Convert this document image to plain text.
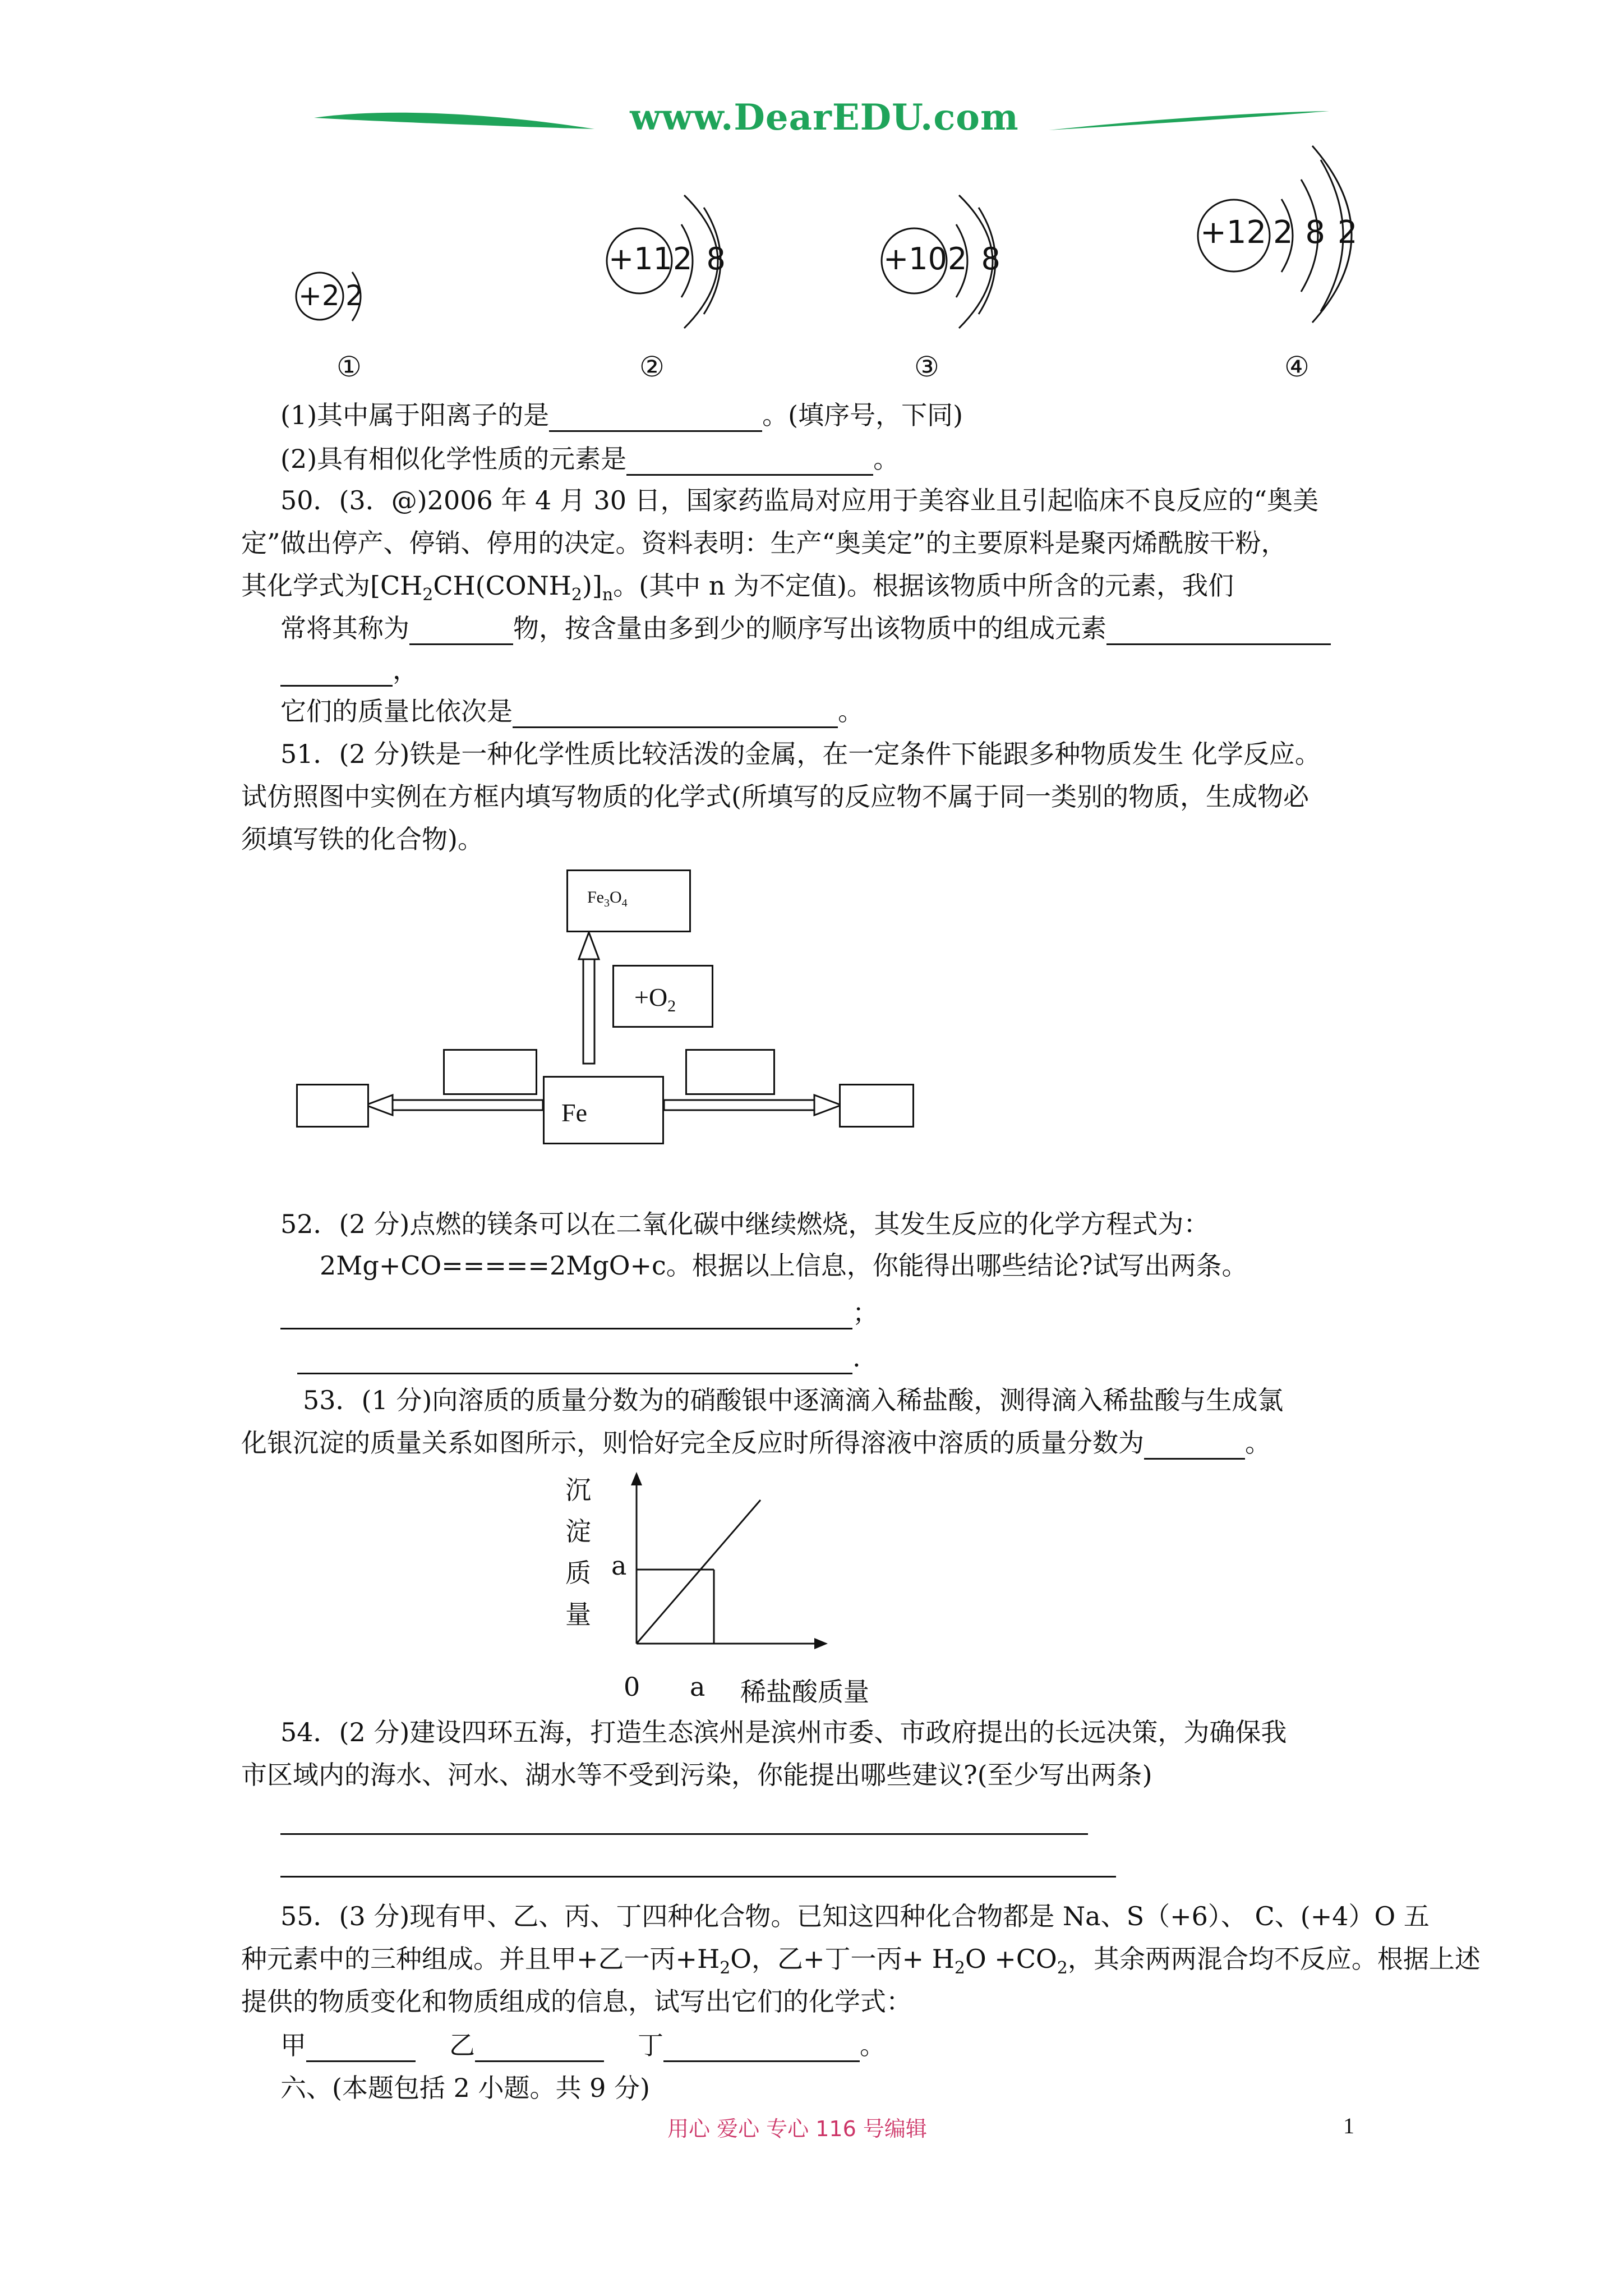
www.DearEDU.com
+2 2
①
+11 2 8
②
+10 2 8
③
+12 2 8 2
④
(1)其中属于阳离子的是	。(填序号，下同)
(2)具有相似化学性质的元素是	。
50．(3．@)2006 年 4 月 30 日，国家药监局对应用于美容业且引起临床不良反应的“奥美
定”做出停产、停销、停用的决定。资料表明：生产“奥美定”的主要原料是聚丙烯酰胺干粉，
其化学式为$[CH_2CH(CONH_2)]_n$。(其中 n 为不定值)。根据该物质中所含的元素，我们
常将其称为	物，按含量由多到少的顺序写出该物质中的组成元素
，
它们的质量比依次是	。
51．(2 分)铁是一种化学性质比较活泼的金属，在一定条件下能跟多种物质发生 化学反应。
试仿照图中实例在方框内填写物质的化学式(所填写的反应物不属于同一类别的物质，生成物必
须填写铁的化合物)。
$Fe_3O_4$
$+O_2$
Fe
52．(2 分)点燃的镁条可以在二氧化碳中继续燃烧，其发生反应的化学方程式为：
2Mg+CO=====2MgO+c。根据以上信息，你能得出哪些结论?试写出两条。
；
.
53．(1 分)向溶质的质量分数为的硝酸银中逐滴滴入稀盐酸，测得滴入稀盐酸与生成氯
化银沉淀的质量关系如图所示，则恰好完全反应时所得溶液中溶质的质量分数为	。
沉
淀
质 a
量
0 a 稀盐酸质量
54．(2 分)建设四环五海，打造生态滨州是滨州市委、市政府提出的长远决策，为确保我
市区域内的海水、河水、湖水等不受到污染，你能提出哪些建议?(至少写出两条)
55．(3 分)现有甲、乙、丙、丁四种化合物。已知这四种化合物都是 Na、S（+6）、 C、(+4）O 五
种元素中的三种组成。并且甲+乙一丙$+H_2O$，乙+丁一丙+ $H_2O +CO_2$，其余两两混合均不反应。根据上述
提供的物质变化和物质组成的信息，试写出它们的化学式：
甲	乙	丁	。
六、(本题包括 2 小题。共 9 分)
用心 爱心 专心 116 号编辑	1
